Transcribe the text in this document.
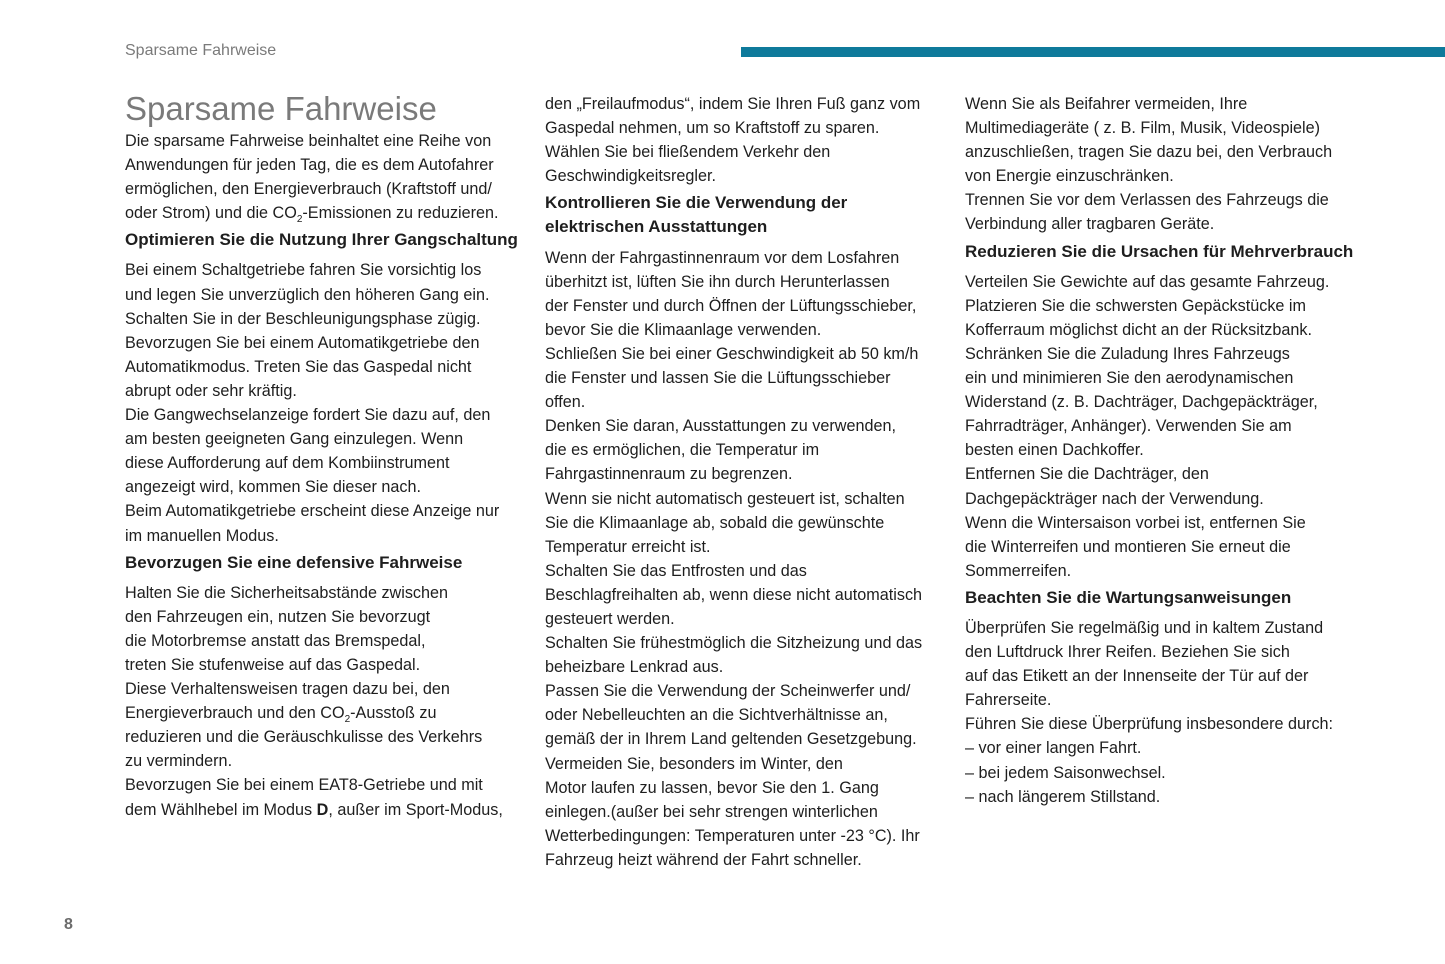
Sparsame Fahrweise
Sparsame Fahrweise

Die sparsame Fahrweise beinhaltet eine Reihe von
Anwendungen für jeden Tag, die es dem Autofahrer
ermöglichen, den Energieverbrauch (Kraftstoff und/
oder Strom) und die $CO_2$-Emissionen zu reduzieren.

Optimieren Sie die Nutzung Ihrer Gangschaltung

Bei einem Schaltgetriebe fahren Sie vorsichtig los
und legen Sie unverzüglich den höheren Gang ein.
Schalten Sie in der Beschleunigungsphase zügig.
Bevorzugen Sie bei einem Automatikgetriebe den
Automatikmodus. Treten Sie das Gaspedal nicht
abrupt oder sehr kräftig.
Die Gangwechselanzeige fordert Sie dazu auf, den
am besten geeigneten Gang einzulegen. Wenn
diese Aufforderung auf dem Kombiinstrument
angezeigt wird, kommen Sie dieser nach.
Beim Automatikgetriebe erscheint diese Anzeige nur
im manuellen Modus.

Bevorzugen Sie eine defensive Fahrweise

Halten Sie die Sicherheitsabstände zwischen
den Fahrzeugen ein, nutzen Sie bevorzugt
die Motorbremse anstatt das Bremspedal,
treten Sie stufenweise auf das Gaspedal.
Diese Verhaltensweisen tragen dazu bei, den
Energieverbrauch und den $CO_2$-Ausstoß zu
reduzieren und die Geräuschkulisse des Verkehrs
zu vermindern.
Bevorzugen Sie bei einem EAT8-Getriebe und mit
dem Wählhebel im Modus D, außer im Sport-Modus,

den „Freilaufmodus“, indem Sie Ihren Fuß ganz vom
Gaspedal nehmen, um so Kraftstoff zu sparen.
Wählen Sie bei fließendem Verkehr den
Geschwindigkeitsregler.

Kontrollieren Sie die Verwendung der elektrischen Ausstattungen

Wenn der Fahrgastinnenraum vor dem Losfahren
überhitzt ist, lüften Sie ihn durch Herunterlassen
der Fenster und durch Öffnen der Lüftungsschieber,
bevor Sie die Klimaanlage verwenden.
Schließen Sie bei einer Geschwindigkeit ab 50 km/h
die Fenster und lassen Sie die Lüftungsschieber
offen.
Denken Sie daran, Ausstattungen zu verwenden,
die es ermöglichen, die Temperatur im
Fahrgastinnenraum zu begrenzen.
Wenn sie nicht automatisch gesteuert ist, schalten
Sie die Klimaanlage ab, sobald die gewünschte
Temperatur erreicht ist.
Schalten Sie das Entfrosten und das
Beschlagfreihalten ab, wenn diese nicht automatisch
gesteuert werden.
Schalten Sie frühestmöglich die Sitzheizung und das
beheizbare Lenkrad aus.
Passen Sie die Verwendung der Scheinwerfer und/
oder Nebelleuchten an die Sichtverhältnisse an,
gemäß der in Ihrem Land geltenden Gesetzgebung.
Vermeiden Sie, besonders im Winter, den
Motor laufen zu lassen, bevor Sie den 1. Gang
einlegen.(außer bei sehr strengen winterlichen
Wetterbedingungen: Temperaturen unter -23 °C). Ihr
Fahrzeug heizt während der Fahrt schneller.

Wenn Sie als Beifahrer vermeiden, Ihre
Multimediageräte ( z. B. Film, Musik, Videospiele)
anzuschließen, tragen Sie dazu bei, den Verbrauch
von Energie einzuschränken.
Trennen Sie vor dem Verlassen des Fahrzeugs die
Verbindung aller tragbaren Geräte.

Reduzieren Sie die Ursachen für Mehrverbrauch

Verteilen Sie Gewichte auf das gesamte Fahrzeug.
Platzieren Sie die schwersten Gepäckstücke im
Kofferraum möglichst dicht an der Rücksitzbank.
Schränken Sie die Zuladung Ihres Fahrzeugs
ein und minimieren Sie den aerodynamischen
Widerstand (z. B. Dachträger, Dachgepäckträger,
Fahrradträger, Anhänger). Verwenden Sie am
besten einen Dachkoffer.
Entfernen Sie die Dachträger, den
Dachgepäckträger nach der Verwendung.
Wenn die Wintersaison vorbei ist, entfernen Sie
die Winterreifen und montieren Sie erneut die
Sommerreifen.

Beachten Sie die Wartungsanweisungen

Überprüfen Sie regelmäßig und in kaltem Zustand
den Luftdruck Ihrer Reifen. Beziehen Sie sich
auf das Etikett an der Innenseite der Tür auf der
Fahrerseite.
Führen Sie diese Überprüfung insbesondere durch:

– vor einer langen Fahrt.
– bei jedem Saisonwechsel.
– nach längerem Stillstand.
8
